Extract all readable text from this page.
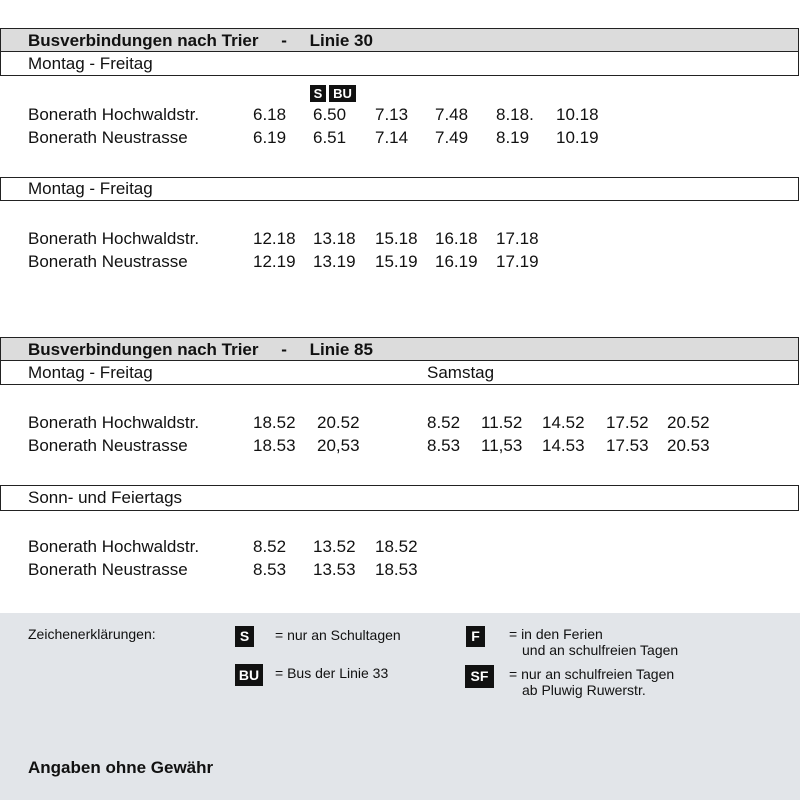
Busverbindungen nach Trier - Linie 30
Montag - Freitag
S BU
Bonerath Hochwaldstr.	6.18 6.50 7.13 7.48 8.18. 10.18
Bonerath Neustrasse	6.19 6.51 7.14 7.49 8.19 10.19
Montag - Freitag
Bonerath Hochwaldstr.	12.18 13.18 15.18 16.18 17.18
Bonerath Neustrasse	12.19 13.19 15.19 16.19 17.19
Busverbindungen nach Trier - Linie 85
Montag - Freitag	Samstag
Bonerath Hochwaldstr.	18.52 20.52	8.52 11.52 14.52 17.52 20.52
Bonerath Neustrasse	18.53 20,53	8.53 11,53 14.53 17.53 20.53
Sonn- und Feiertags
Bonerath Hochwaldstr.	8.52 13.52 18.52
Bonerath Neustrasse	8.53 13.53 18.53
Zeichenerklärungen:	S	= nur an Schultagen
BU = Bus der Linie 33
F	= in den Ferien
und an schulfreien Tagen
SF	= nur an schulfreien Tagen
ab Pluwig Ruwerstr.
Angaben ohne Gewähr
